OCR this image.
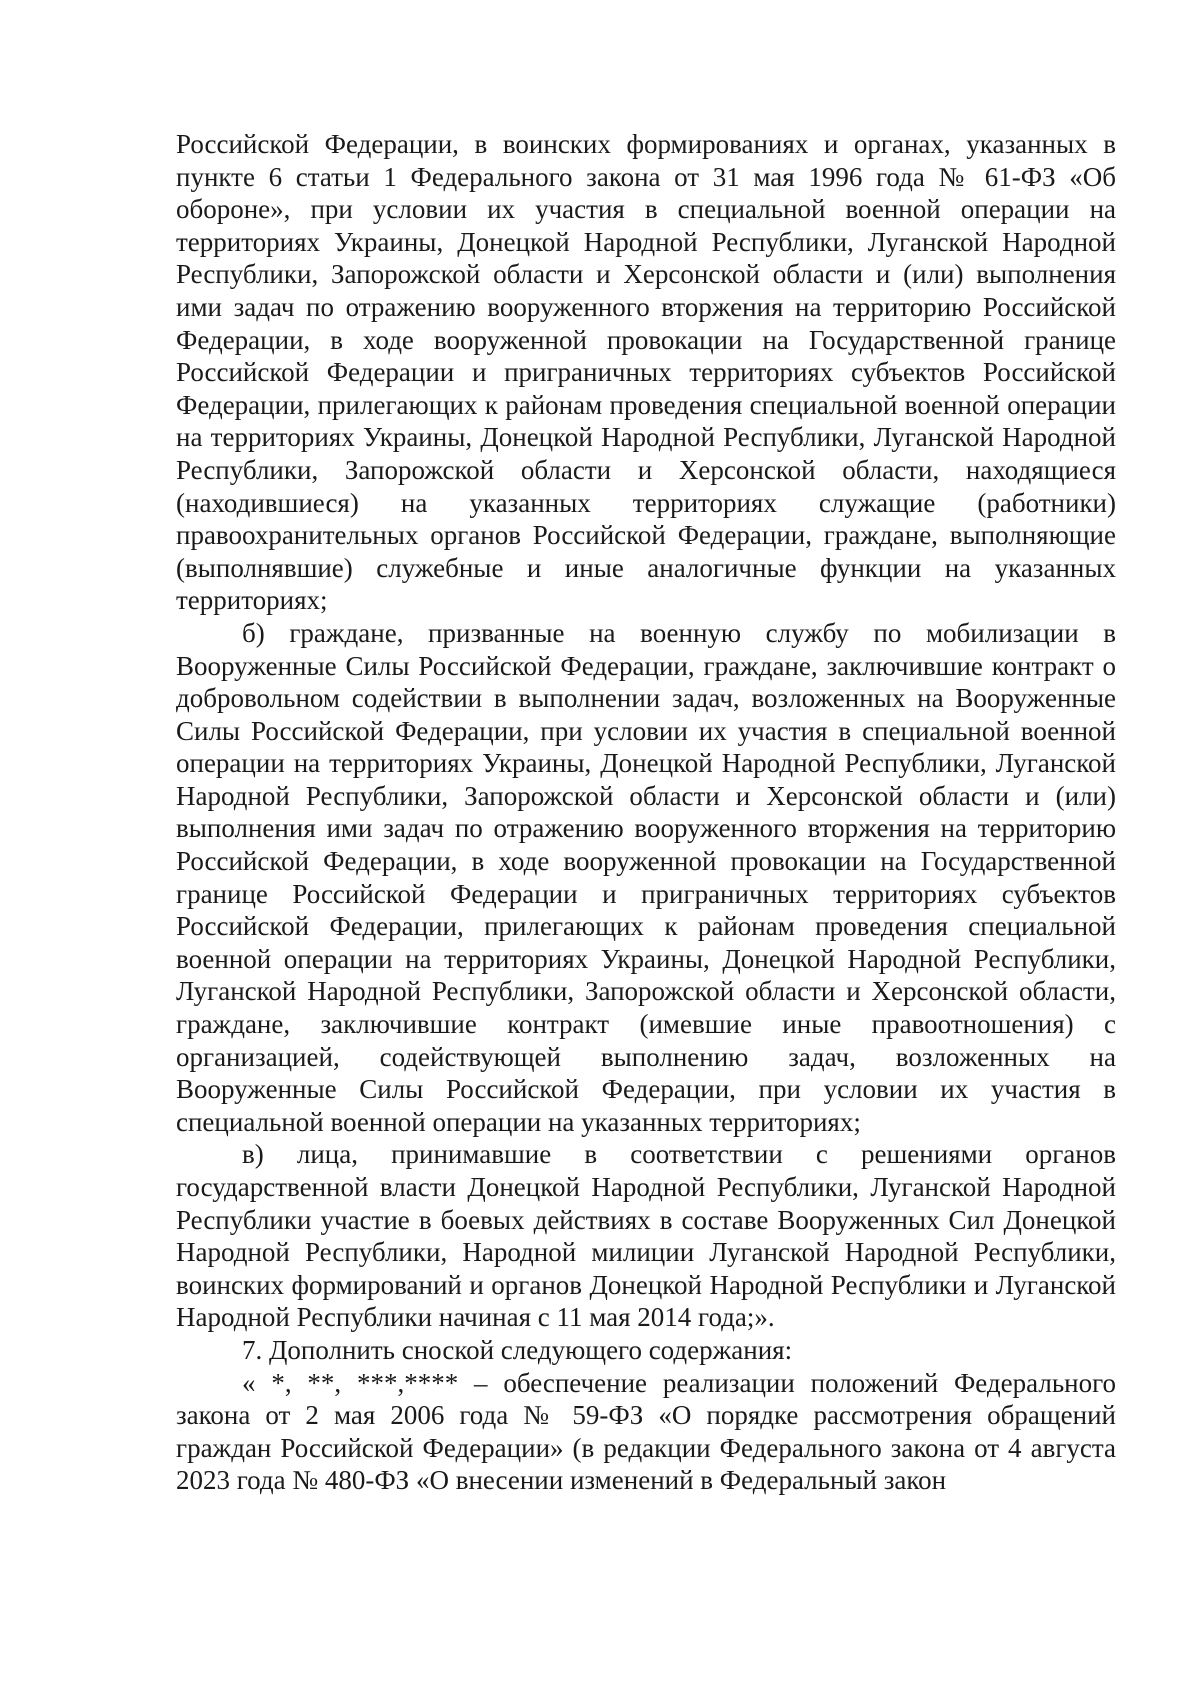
Российской Федерации, в воинских формированиях и органах, указанных в пункте 6 статьи 1 Федерального закона от 31 мая 1996 года № 61-ФЗ «Об обороне», при условии их участия в специальной военной операции на территориях Украины, Донецкой Народной Республики, Луганской Народной Республики, Запорожской области и Херсонской области и (или) выполнения ими задач по отражению вооруженного вторжения на территорию Российской Федерации, в ходе вооруженной провокации на Государственной границе Российской Федерации и приграничных территориях субъектов Российской Федерации, прилегающих к районам проведения специальной военной операции на территориях Украины, Донецкой Народной Республики, Луганской Народной Республики, Запорожской области и Херсонской области, находящиеся (находившиеся) на указанных территориях служащие (работники) правоохранительных органов Российской Федерации, граждане, выполняющие (выполнявшие) служебные и иные аналогичные функции на указанных территориях;

б) граждане, призванные на военную службу по мобилизации в Вооруженные Силы Российской Федерации, граждане, заключившие контракт о добровольном содействии в выполнении задач, возложенных на Вооруженные Силы Российской Федерации, при условии их участия в специальной военной операции на территориях Украины, Донецкой Народной Республики, Луганской Народной Республики, Запорожской области и Херсонской области и (или) выполнения ими задач по отражению вооруженного вторжения на территорию Российской Федерации, в ходе вооруженной провокации на Государственной границе Российской Федерации и приграничных территориях субъектов Российской Федерации, прилегающих к районам проведения специальной военной операции на территориях Украины, Донецкой Народной Республики, Луганской Народной Республики, Запорожской области и Херсонской области, граждане, заключившие контракт (имевшие иные правоотношения) с организацией, содействующей выполнению задач, возложенных на Вооруженные Силы Российской Федерации, при условии их участия в специальной военной операции на указанных территориях;

в) лица, принимавшие в соответствии с решениями органов государственной власти Донецкой Народной Республики, Луганской Народной Республики участие в боевых действиях в составе Вооруженных Сил Донецкой Народной Республики, Народной милиции Луганской Народной Республики, воинских формирований и органов Донецкой Народной Республики и Луганской Народной Республики начиная с 11 мая 2014 года;».

7. Дополнить сноской следующего содержания:

« *, **, ***,**** – обеспечение реализации положений Федерального закона от 2 мая 2006 года № 59-ФЗ «О порядке рассмотрения обращений граждан Российской Федерации» (в редакции Федерального закона от 4 августа 2023 года № 480-ФЗ «О внесении изменений в Федеральный закон
